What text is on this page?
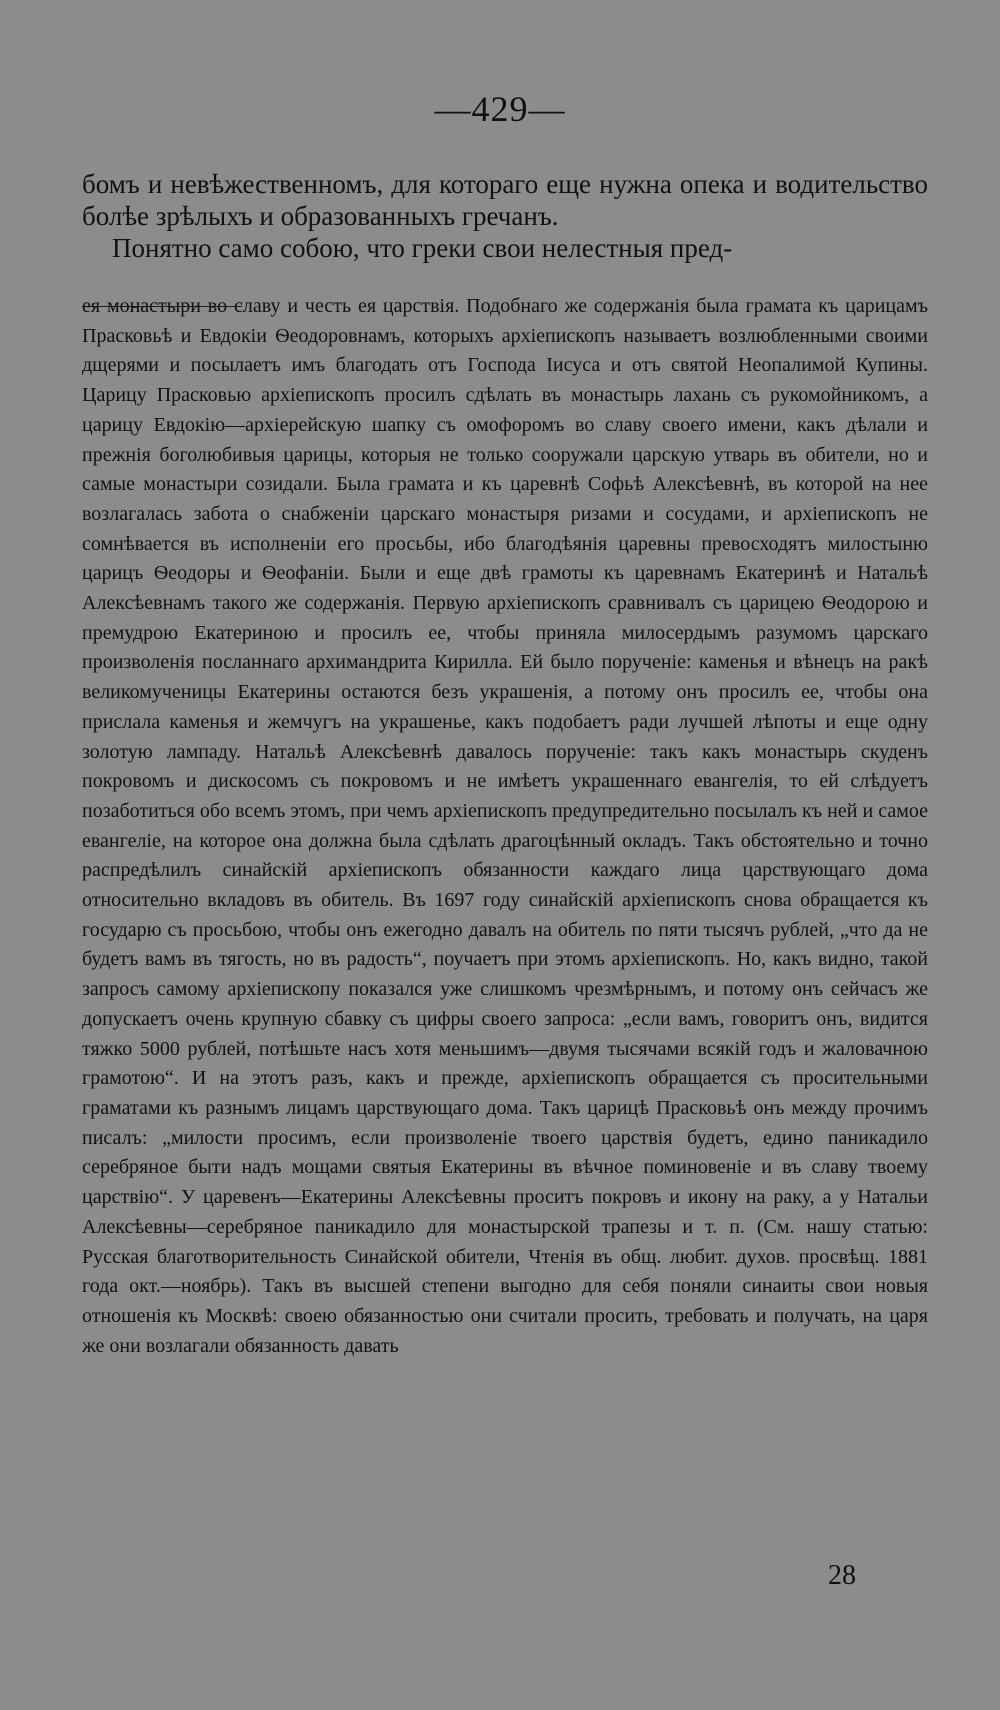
—429—

бомъ и невѣжественномъ, для котораго еще нужна опека и водительство болѣе зрѣлыхъ и образованныхъ гречанъ.

Понятно само собою, что греки свои нелестныя пред-

ея монастыри во славу и честь ея царствія. Подобнаго же содержанія была грамата къ царицамъ Прасковьѣ и Евдокіи Ѳеодоровнамъ, которыхъ архіепископъ называетъ возлюбленными своими дщерями и посылаетъ имъ благодать отъ Господа Іисуса и отъ святой Неопалимой Купины. Царицу Прасковью архіепископъ просилъ сдѣлать въ монастырь лахань съ рукомойникомъ, а царицу Евдокію—архіерейскую шапку съ омофоромъ во славу своего имени, какъ дѣлали и прежнія боголюбивыя царицы, которыя не только сооружали царскую утварь въ обители, но и самые монастыри созидали. Была грамата и къ царевнѣ Софьѣ Алексѣевнѣ, въ которой на нее возлагалась забота о снабженіи царскаго монастыря ризами и сосудами, и архіепископъ не сомнѣвается въ исполненіи его просьбы, ибо благодѣянія царевны превосходятъ милостыню царицъ Ѳеодоры и Ѳеофаніи. Были и еще двѣ грамоты къ царевнамъ Екатеринѣ и Натальѣ Алексѣевнамъ такого же содержанія. Первую архіепископъ сравнивалъ съ царицею Ѳеодорою и премудрою Екатериною и просилъ ее, чтобы приняла милосердымъ разумомъ царскаго произволенія посланнаго архимандрита Кирилла. Ей было порученіе: каменья и вѣнецъ на ракѣ великомученицы Екатерины остаются безъ украшенія, а потому онъ просилъ ее, чтобы она прислала каменья и жемчугъ на украшенье, какъ подобаетъ ради лучшей лѣпоты и еще одну золотую лампаду. Натальѣ Алексѣевнѣ давалось порученіе: такъ какъ монастырь скуденъ покровомъ и дискосомъ съ покровомъ и не имѣетъ украшеннаго евангелія, то ей слѣдуетъ позаботиться обо всемъ этомъ, при чемъ архіепископъ предупредительно посылалъ къ ней и самое евангеліе, на которое она должна была сдѣлать драгоцѣнный окладъ. Такъ обстоятельно и точно распредѣлилъ синайскій архіепископъ обязанности каждаго лица царствующаго дома относительно вкладовъ въ обитель. Въ 1697 году синайскій архіепископъ снова обращается къ государю съ просьбою, чтобы онъ ежегодно давалъ на обитель по пяти тысячъ рублей, „что да не будетъ вамъ въ тягость, но въ радость“, поучаетъ при этомъ архіепископъ. Но, какъ видно, такой запросъ самому архіепископу показался уже слишкомъ чрезмѣрнымъ, и потому онъ сейчасъ же допускаетъ очень крупную сбавку съ цифры своего запроса: „если вамъ, говоритъ онъ, видится тяжко 5000 рублей, потѣшьте насъ хотя меньшимъ—двумя тысячами всякій годъ и жаловачною грамотою“. И на этотъ разъ, какъ и прежде, архіепископъ обращается съ просительными граматами къ разнымъ лицамъ царствующаго дома. Такъ царицѣ Прасковьѣ онъ между прочимъ писалъ: „милости просимъ, если произволеніе твоего царствія будетъ, едино паникадило серебряное быти надъ мощами святыя Екатерины въ вѣчное поминовеніе и въ славу твоему царствію“. У царевенъ—Екатерины Алексѣевны проситъ покровъ и икону на раку, а у Натальи Алексѣевны—серебряное паникадило для монастырской трапезы и т. п. (См. нашу статью: Русская благотворительность Синайской обители, Чтенія въ общ. любит. духов. просвѣщ. 1881 года окт.—ноябрь). Такъ въ высшей степени выгодно для себя поняли синаиты свои новыя отношенія къ Москвѣ: своею обязанностью они считали просить, требовать и получать, на царя же они возлагали обязанность давать
28
